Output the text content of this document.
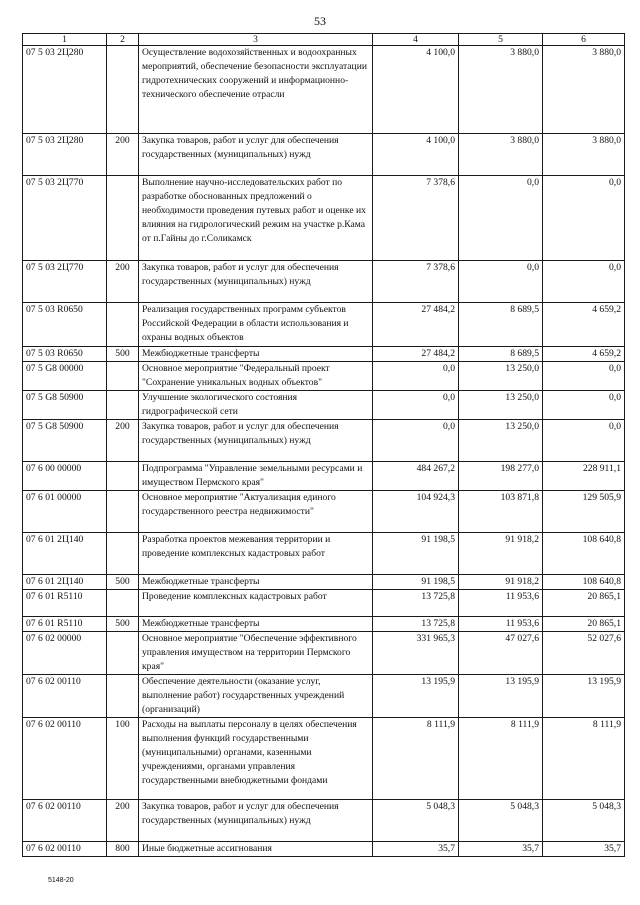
53
1	2	3	4	5	6
07 5 03 2Ц280		Осуществление водохозяйственных и водоохранных мероприятий, обеспечение безопасности эксплуатации гидротехнических сооружений и информационно-технического обеспечение отрасли	4 100,0	3 880,0	3 880,0
07 5 03 2Ц280	200	Закупка товаров, работ и услуг для обеспечения государственных (муниципальных) нужд	4 100,0	3 880,0	3 880,0
07 5 03 2Ц770		Выполнение научно-исследовательских работ по разработке обоснованных предложений о необходимости проведения путевых работ и оценке их влияния на гидрологический режим на участке р.Кама от п.Гайны до г.Соликамск	7 378,6	0,0	0,0
07 5 03 2Ц770	200	Закупка товаров, работ и услуг для обеспечения государственных (муниципальных) нужд	7 378,6	0,0	0,0
07 5 03 R0650		Реализация государственных программ субъектов Российской Федерации в области использования и охраны водных объектов	27 484,2	8 689,5	4 659,2
07 5 03 R0650	500	Межбюджетные трансферты	27 484,2	8 689,5	4 659,2
07 5 G8 00000		Основное мероприятие "Федеральный проект "Сохранение уникальных водных объектов"	0,0	13 250,0	0,0
07 5 G8 50900		Улучшение экологического состояния гидрографической сети	0,0	13 250,0	0,0
07 5 G8 50900	200	Закупка товаров, работ и услуг для обеспечения государственных (муниципальных) нужд	0,0	13 250,0	0,0
07 6 00 00000		Подпрограмма "Управление земельными ресурсами и имуществом Пермского края"	484 267,2	198 277,0	228 911,1
07 6 01 00000		Основное мероприятие "Актуализация единого государственного реестра недвижимости"	104 924,3	103 871,8	129 505,9
07 6 01 2Ц140		Разработка проектов межевания территории и проведение комплексных кадастровых работ	91 198,5	91 918,2	108 640,8
07 6 01 2Ц140	500	Межбюджетные трансферты	91 198,5	91 918,2	108 640,8
07 6 01 R5110		Проведение комплексных кадастровых работ	13 725,8	11 953,6	20 865,1
07 6 01 R5110	500	Межбюджетные трансферты	13 725,8	11 953,6	20 865,1
07 6 02 00000		Основное мероприятие "Обеспечение эффективного управления имуществом на территории Пермского края"	331 965,3	47 027,6	52 027,6
07 6 02 00110		Обеспечение деятельности (оказание услуг, выполнение работ) государственных учреждений (организаций)	13 195,9	13 195,9	13 195,9
07 6 02 00110	100	Расходы на выплаты персоналу в целях обеспечения выполнения функций государственными (муниципальными) органами, казенными учреждениями, органами управления государственными внебюджетными фондами	8 111,9	8 111,9	8 111,9
07 6 02 00110	200	Закупка товаров, работ и услуг для обеспечения государственных (муниципальных) нужд	5 048,3	5 048,3	5 048,3
07 6 02 00110	800	Иные бюджетные ассигнования	35,7	35,7	35,7
5148-20
